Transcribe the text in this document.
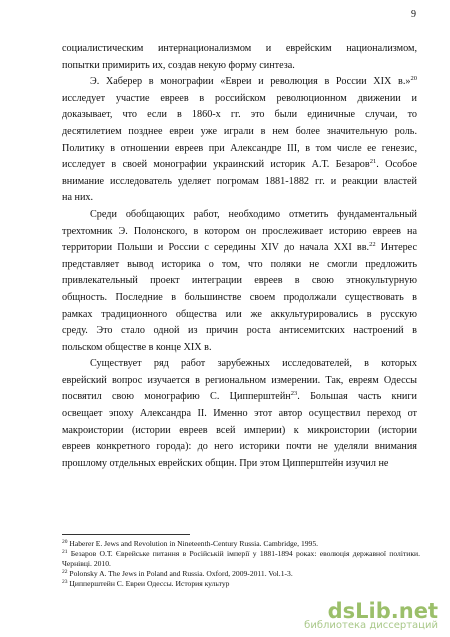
9
социалистическим интернационализмом и еврейским национализмом,
попытки примирить их, создав некую форму синтеза.
Э. Хаберер в монографии «Евреи и революция в России XIX в.»$^{20}$
исследует участие евреев в российском революционном движении и
доказывает, что если в 1860-х гг. это были единичные случаи, то
десятилетием позднее евреи уже играли в нем более значительную роль.
Политику в отношении евреев при Александре III, в том числе ее генезис,
исследует в своей монографии украинский историк А.Т. Безаров$^{21}$. Особое
внимание исследователь уделяет погромам 1881-1882 гг. и реакции властей
на них.
Среди обобщающих работ, необходимо отметить фундаментальный
трехтомник Э. Полонского, в котором он прослеживает историю евреев на
территории Польши и России с середины XIV до начала XXI вв.$^{22}$ Интерес
представляет вывод историка о том, что поляки не смогли предложить
привлекательный проект интеграции евреев в свою этнокультурную
общность. Последние в большинстве своем продолжали существовать в
рамках традиционного общества или же аккультурировались в русскую
среду. Это стало одной из причин роста антисемитских настроений в
польском обществе в конце XIX в.
Существует ряд работ зарубежных исследователей, в которых
еврейский вопрос изучается в региональном измерении. Так, евреям Одессы
посвятил свою монографию С. Ципперштейн$^{23}$. Большая часть книги
освещает эпоху Александра II. Именно этот автор осуществил переход от
макроистории (истории евреев всей империи) к микроистории (истории
евреев конкретного города): до него историки почти не уделяли внимания
прошлому отдельных еврейских общин. При этом Ципперштейн изучил не
$^{20}$ Haberer E. Jews and Revolution in Nineteenth-Century Russia. Cambridge, 1995.
$^{21}$ Безаров О.Т. Єврейське питання в Російській імперії у 1881-1894 роках: еволюція державної політики. Чернівці. 2010.
$^{22}$ Polonsky A. The Jews in Poland and Russia. Oxford, 2009-2011. Vol.1-3.
$^{23}$ Ципперштейн С. Евреи Одессы. История культур
dsLib.net
библиотека диссертаций
